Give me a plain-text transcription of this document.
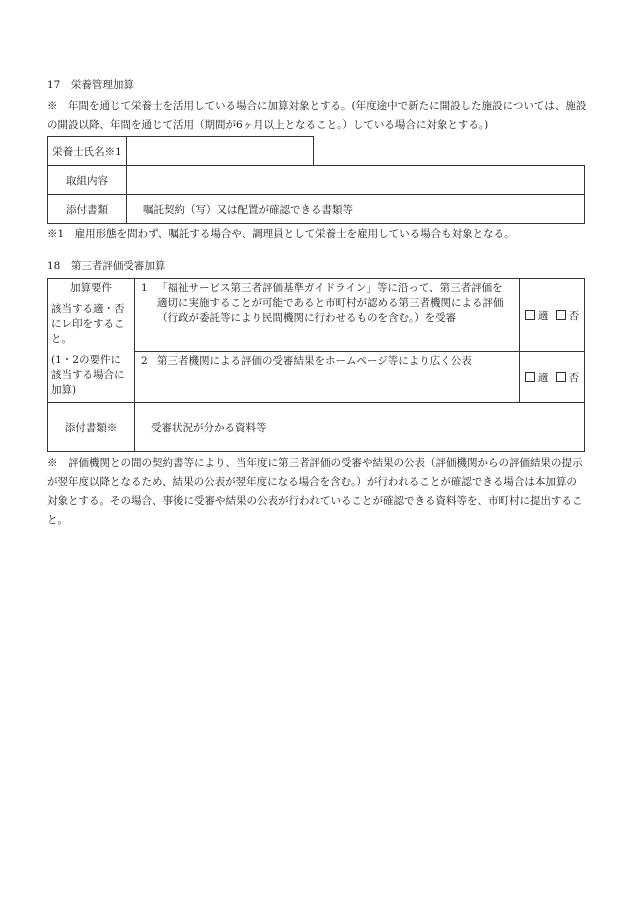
17　栄養管理加算
※　年間を通じて栄養士を活用している場合に加算対象とする。(年度途中で新たに開設した施設については、施設の開設以降、年間を通じて活用（期間が6ヶ月以上となること。）している場合に対象とする。)
栄養士氏名※1		
取組内容		
添付書類	嘱託契約（写）又は配置が確認できる書類等	
※1　雇用形態を問わず、嘱託する場合や、調理員として栄養士を雇用している場合も対象となる。
18　第三者評価受審加算
加算要件
該当する適・否にレ印をすること。
(1・2の要件に該当する場合に加算)	1	「福祉サービス第三者評価基準ガイドライン」等に沿って、第三者評価を適切に実施することが可能であると市町村が認める第三者機関による評価（行政が委託等により民間機関に行わせるものを含む。）を受審	適 否
	2	第三者機関による評価の受審結果をホームページ等により広く公表	適 否
添付書類※	受審状況が分かる資料等		
※　評価機関との間の契約書等により、当年度に第三者評価の受審や結果の公表（評価機関からの評価結果の提示が翌年度以降となるため、結果の公表が翌年度になる場合を含む。）が行われることが確認できる場合は本加算の対象とする。その場合、事後に受審や結果の公表が行われていることが確認できる資料等を、市町村に提出すること。
